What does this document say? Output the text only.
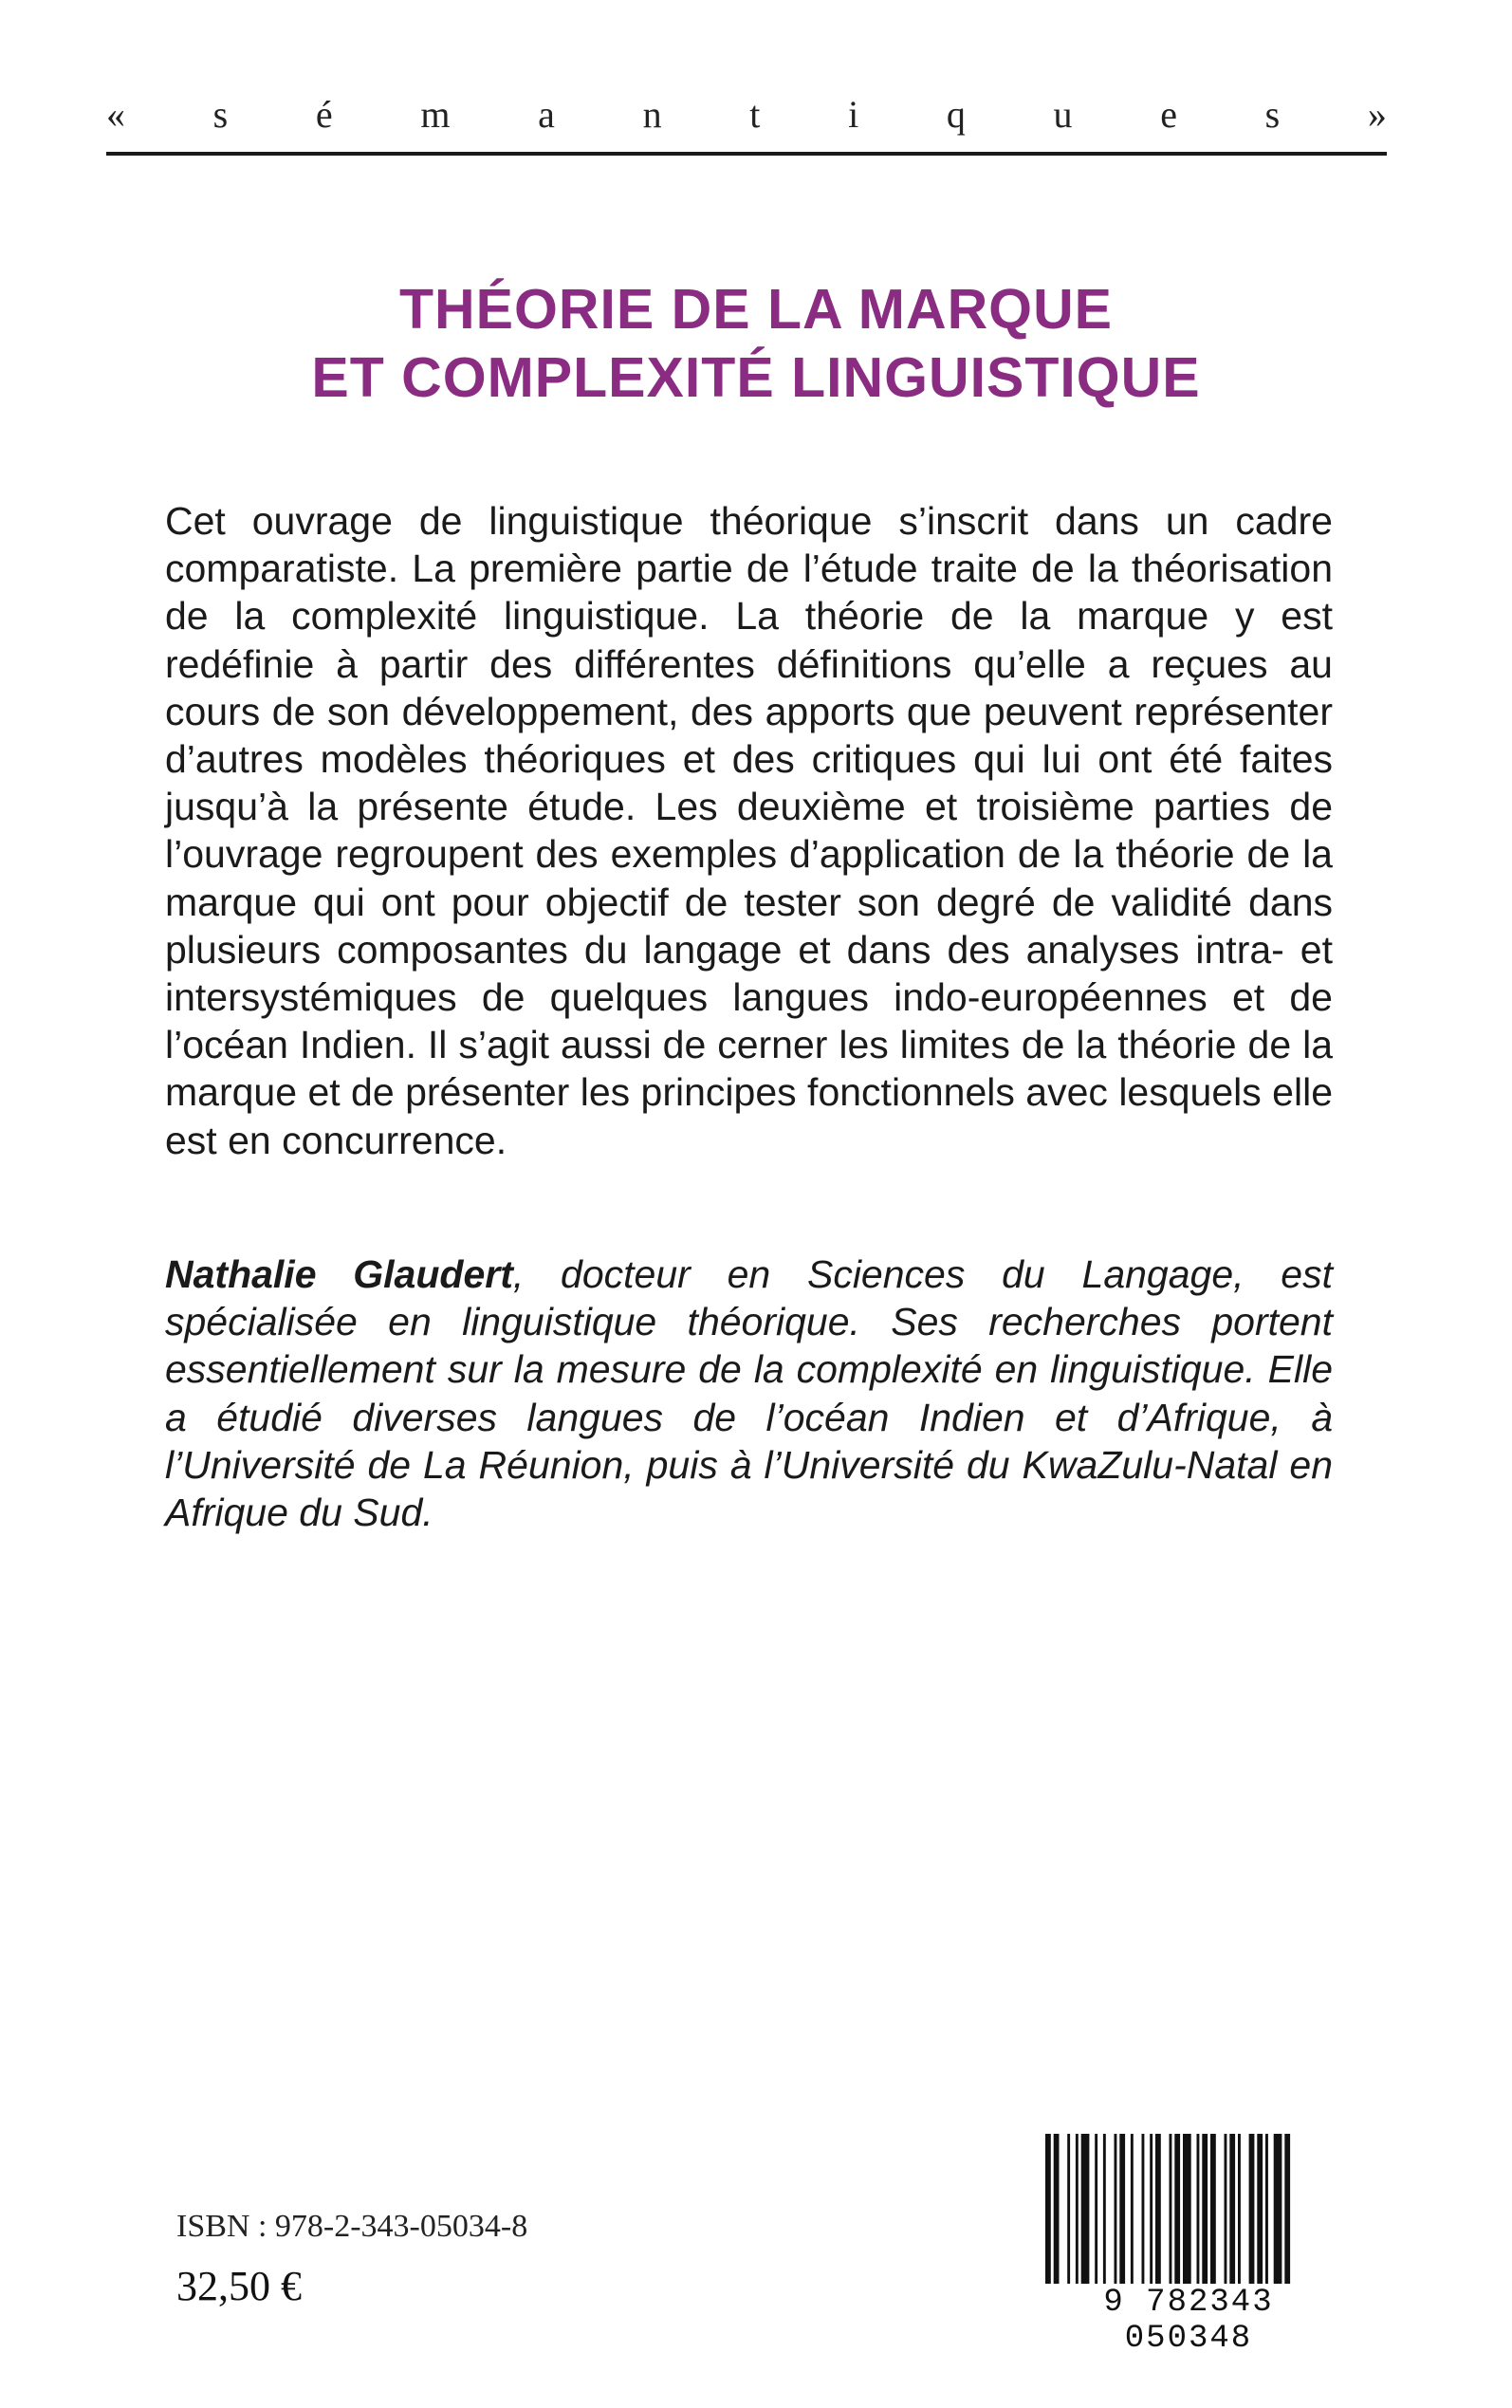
« s é m a n t i q u e s »
THÉORIE DE LA MARQUE
ET COMPLEXITÉ LINGUISTIQUE
Cet ouvrage de linguistique théorique s’inscrit dans un cadre comparatiste. La première partie de l’étude traite de la théorisation de la complexité linguistique. La théorie de la marque y est redéfinie à partir des différentes définitions qu’elle a reçues au cours de son développement, des apports que peuvent représenter d’autres modèles théoriques et des critiques qui lui ont été faites jusqu’à la présente étude. Les deuxième et troisième parties de l’ouvrage regroupent des exemples d’application de la théorie de la marque qui ont pour objectif de tester son degré de validité dans plusieurs composantes du langage et dans des analyses intra- et intersystémiques de quelques langues indo-européennes et de l’océan Indien. Il s’agit aussi de cerner les limites de la théorie de la marque et de présenter les principes fonctionnels avec lesquels elle est en concurrence.
Nathalie Glaudert, docteur en Sciences du Langage, est spécialisée en linguistique théorique. Ses recherches portent essentiellement sur la mesure de la complexité en linguistique. Elle a étudié diverses langues de l’océan Indien et d’Afrique, à l’Université de La Réunion, puis à l’Université du KwaZulu-Natal en Afrique du Sud.
ISBN : 978-2-343-05034-8
32,50 €	9 782343 050348
